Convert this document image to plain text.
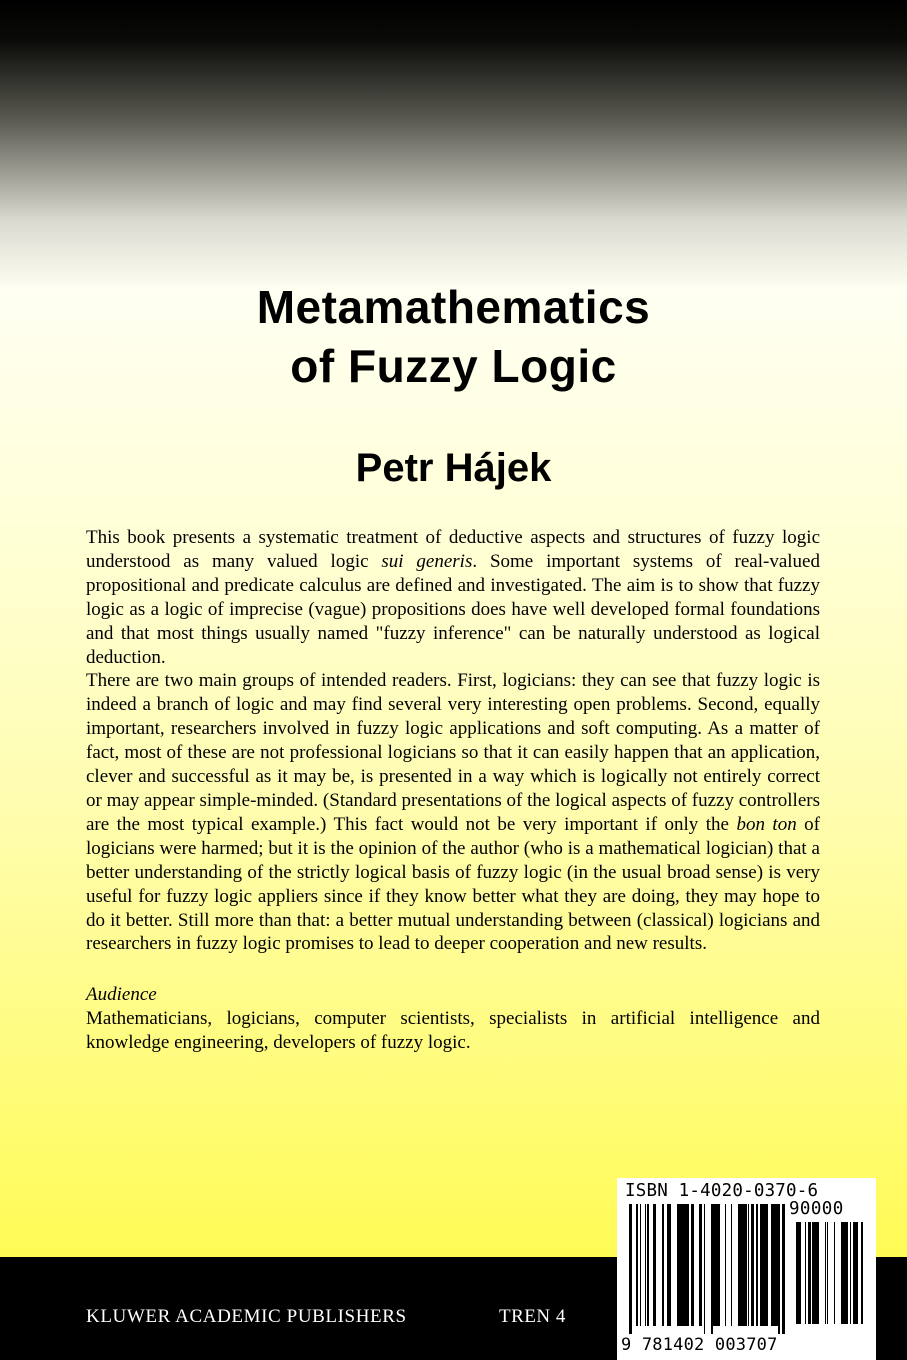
Metamathematics
of Fuzzy Logic
Petr Hájek

This book presents a systematic treatment of deductive aspects and structures of fuzzy logic understood as many valued logic sui generis. Some important systems of real-valued propositional and predicate calculus are defined and investigated. The aim is to show that fuzzy logic as a logic of imprecise (vague) propositions does have well developed formal foundations and that most things usually named "fuzzy inference" can be naturally understood as logical deduction.

There are two main groups of intended readers. First, logicians: they can see that fuzzy logic is indeed a branch of logic and may find several very interesting open problems. Second, equally important, researchers involved in fuzzy logic applications and soft computing. As a matter of fact, most of these are not professional logicians so that it can easily happen that an application, clever and successful as it may be, is presented in a way which is logically not entirely correct or may appear simple-minded. (Standard presentations of the logical aspects of fuzzy controllers are the most typical example.) This fact would not be very important if only the bon ton of logicians were harmed; but it is the opinion of the author (who is a mathematical logician) that a better understanding of the strictly logical basis of fuzzy logic (in the usual broad sense) is very useful for fuzzy logic appliers since if they know better what they are doing, they may hope to do it better. Still more than that: a better mutual understanding between (classical) logicians and researchers in fuzzy logic promises to lead to deeper cooperation and new results.

Audience

Mathematicians, logicians, computer scientists, specialists in artificial intelligence and knowledge engineering, developers of fuzzy logic.

KLUWER ACADEMIC PUBLISHERS	TREN 4
ISBN 1-4020-0370-6
90000
9 781402 003707
